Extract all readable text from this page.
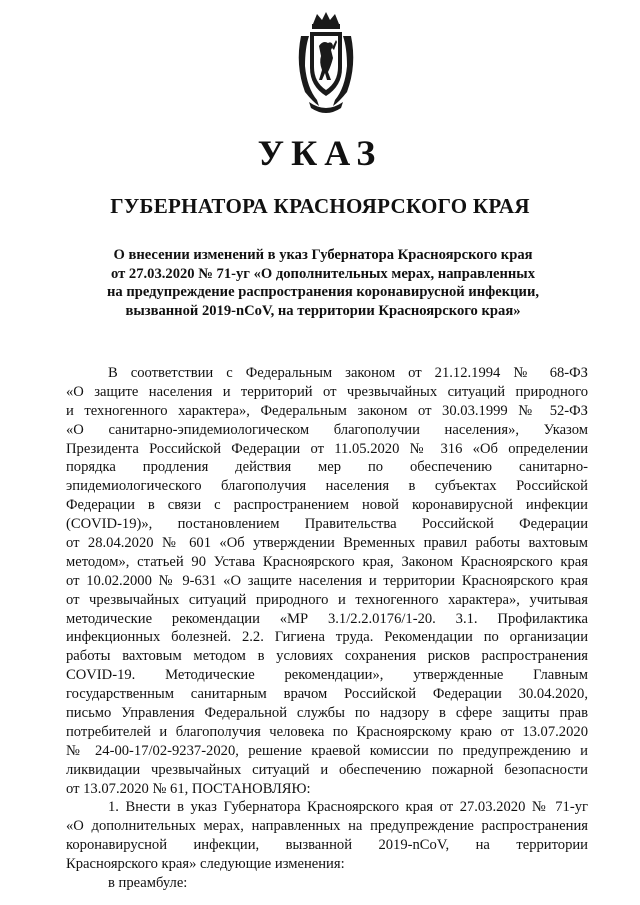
УКАЗ
ГУБЕРНАТОРА КРАСНОЯРСКОГО КРАЯ
О внесении изменений в указ Губернатора Красноярского края
от 27.03.2020 № 71-уг «О дополнительных мерах, направленных
на предупреждение распространения коронавирусной инфекции,
вызванной 2019-nCoV, на территории Красноярского края»
В соответствии с Федеральным законом от 21.12.1994 № 68-ФЗ
«О защите населения и территорий от чрезвычайных ситуаций природного
и техногенного характера», Федеральным законом от 30.03.1999 № 52-ФЗ
«О санитарно-эпидемиологическом благополучии населения», Указом
Президента Российской Федерации от 11.05.2020 № 316 «Об определении
порядка продления действия мер по обеспечению санитарно-
эпидемиологического благополучия населения в субъектах Российской
Федерации в связи с распространением новой коронавирусной инфекции
(COVID-19)», постановлением Правительства Российской Федерации
от 28.04.2020 № 601 «Об утверждении Временных правил работы вахтовым
методом», статьей 90 Устава Красноярского края, Законом Красноярского края
от 10.02.2000 № 9-631 «О защите населения и территории Красноярского края
от чрезвычайных ситуаций природного и техногенного характера», учитывая
методические рекомендации «МР 3.1/2.2.0176/1-20. 3.1. Профилактика
инфекционных болезней. 2.2. Гигиена труда. Рекомендации по организации
работы вахтовым методом в условиях сохранения рисков распространения
COVID-19. Методические рекомендации», утвержденные Главным
государственным санитарным врачом Российской Федерации 30.04.2020,
письмо Управления Федеральной службы по надзору в сфере защиты прав
потребителей и благополучия человека по Красноярскому краю от 13.07.2020
№ 24-00-17/02-9237-2020, решение краевой комиссии по предупреждению и
ликвидации чрезвычайных ситуаций и обеспечению пожарной безопасности
от 13.07.2020 № 61, ПОСТАНОВЛЯЮ:
1. Внести в указ Губернатора Красноярского края от 27.03.2020 № 71-уг
«О дополнительных мерах, направленных на предупреждение распространения
коронавирусной инфекции, вызванной 2019-nCoV, на территории
Красноярского края» следующие изменения:
в преамбуле:
